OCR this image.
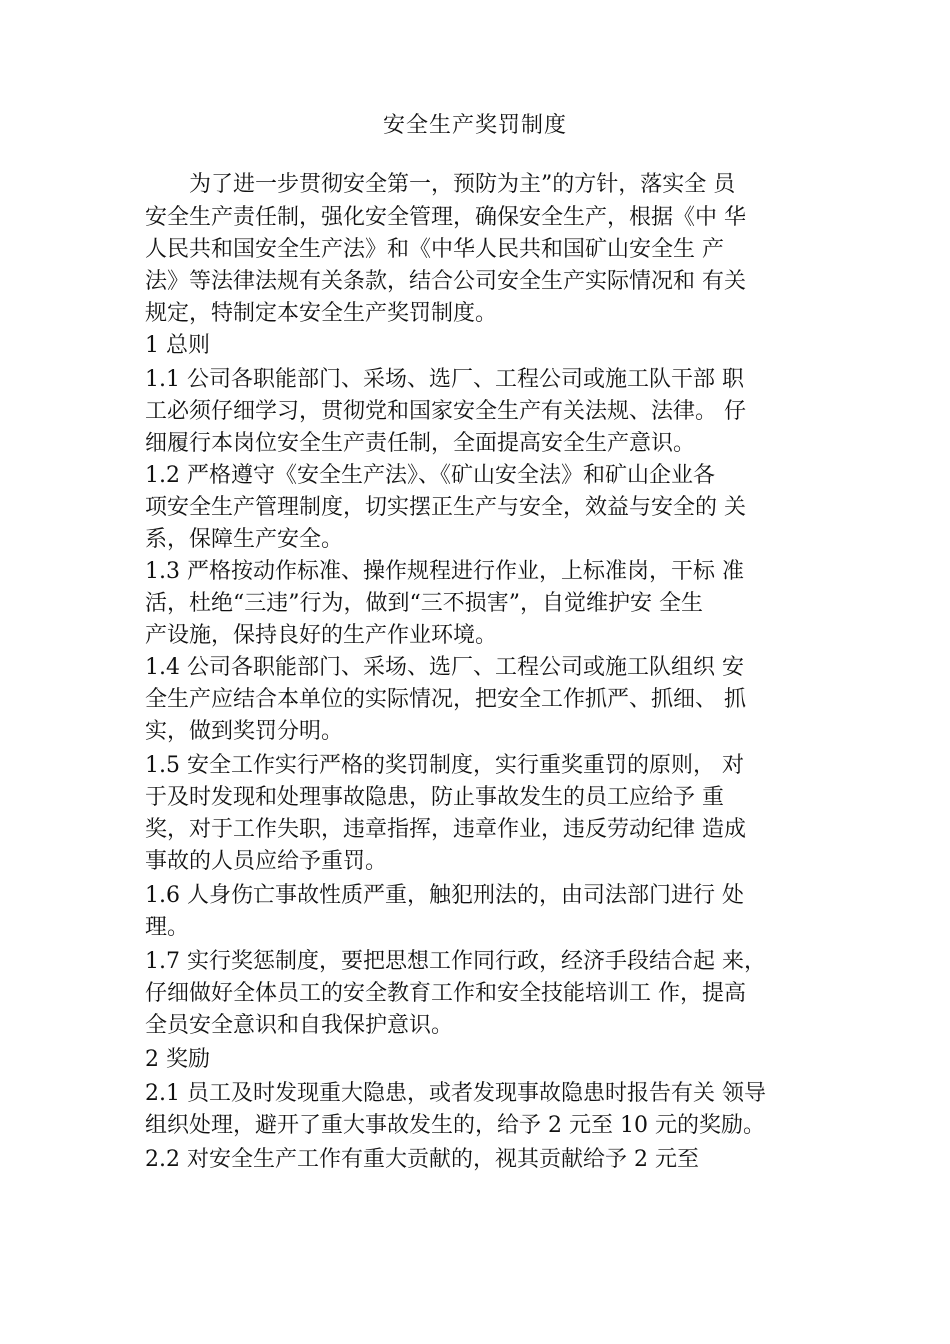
安全生产奖罚制度
　　为了进一步贯彻安全第一，预防为主”的方针，落实全 员
安全生产责任制，强化安全管理，确保安全生产，根据《中 华
人民共和国安全生产法》和《中华人民共和国矿山安全生 产
法》等法律法规有关条款，结合公司安全生产实际情况和 有关
规定，特制定本安全生产奖罚制度。
1 总则
1.1 公司各职能部门、采场、选厂、工程公司或施工队干部 职
工必须仔细学习，贯彻党和国家安全生产有关法规、法律。 仔
细履行本岗位安全生产责任制，全面提高安全生产意识。
1.2 严格遵守《安全生产法》、《矿山安全法》和矿山企业各
项安全生产管理制度，切实摆正生产与安全，效益与安全的 关
系，保障生产安全。
1.3 严格按动作标准、操作规程进行作业，上标准岗，干标 准
活，杜绝“三违”行为，做到“三不损害”，自觉维护安 全生
产设施，保持良好的生产作业环境。
1.4 公司各职能部门、采场、选厂、工程公司或施工队组织 安
全生产应结合本单位的实际情况，把安全工作抓严、抓细、 抓
实，做到奖罚分明。
1.5 安全工作实行严格的奖罚制度，实行重奖重罚的原则， 对
于及时发现和处理事故隐患，防止事故发生的员工应给予 重
奖，对于工作失职，违章指挥，违章作业，违反劳动纪律 造成
事故的人员应给予重罚。
1.6 人身伤亡事故性质严重，触犯刑法的，由司法部门进行 处
理。
1.7 实行奖惩制度，要把思想工作同行政，经济手段结合起 来，
仔细做好全体员工的安全教育工作和安全技能培训工 作，提高
全员安全意识和自我保护意识。
2 奖励
2.1 员工及时发现重大隐患，或者发现事故隐患时报告有关 领导
组织处理，避开了重大事故发生的，给予 2 元至 10 元的奖励。
2.2 对安全生产工作有重大贡献的，视其贡献给予 2 元至
